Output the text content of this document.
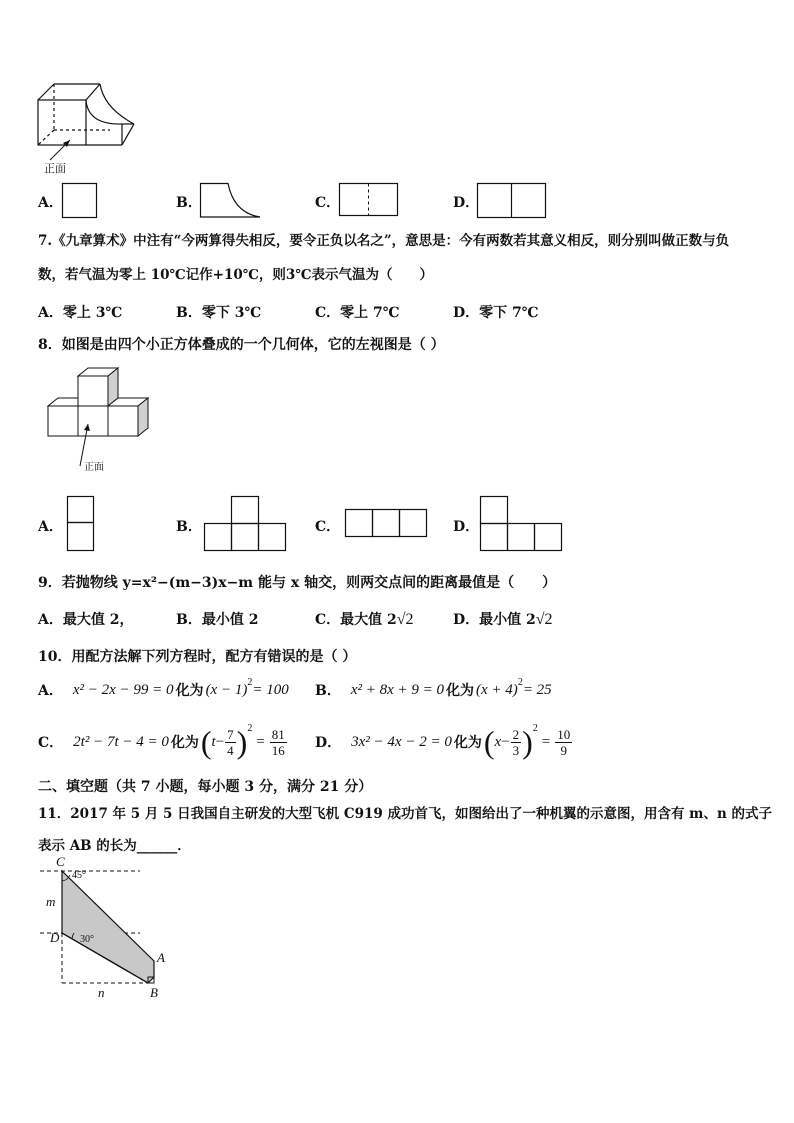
正面
A．	B．	C．	D．
7.《九章算术》中注有“今两算得失相反，要令正负以名之”，意思是：今有两数若其意义相反，则分别叫做正数与负
数，若气温为零上 10℃记作+10℃，则3℃表示气温为（　　）
A．零上 3℃	B．零下 3℃	C．零上 7℃	D．零下 7℃
8．如图是由四个小正方体叠成的一个几何体，它的左视图是（ ）
正面
A．	B．	C．	D．
9．若抛物线 y=x²−(m−3)x−m 能与 x 轴交，则两交点间的距离最值是（　　）
A．最大值 2，	B．最小值 2	C．最大值 2√2	D．最小值 2√2
10．用配方法解下列方程时，配方有错误的是（ ）
A． x² − 2x − 99 = 0 化为 (x − 1) 2 = 100 B． x² + 8x + 9 = 0 化为 (x + 4) 2 = 25
C． 2t² − 7t − 4 = 0 化为 ( $t - \frac{7}{4}$ ) 2
= $\frac{81}{16}$ D． 3x² − 4x − 2 = 0 化为 ( $x - \frac{2}{3}$ ) 2
= $\frac{10}{9}$
二、填空题（共 7 小题，每小题 3 分，满分 21 分）
11．2017 年 5 月 5 日我国自主研发的大型飞机 C919 成功首飞，如图给出了一种机翼的示意图，用含有 m、n 的式子
表示 AB 的长为______．
C
45°
m
D 30°
A
n	B
